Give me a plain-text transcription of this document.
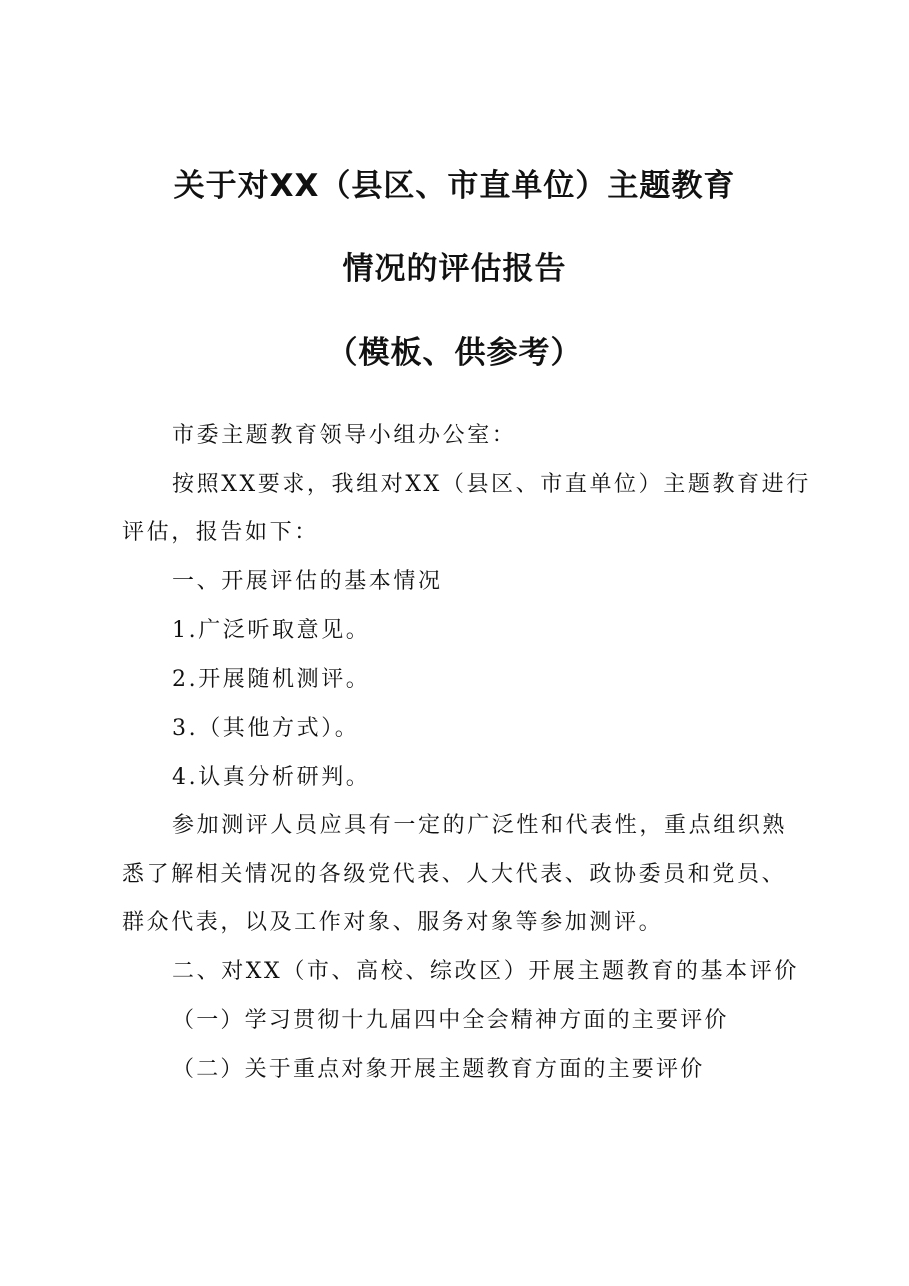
关于对XX（县区、市直单位）主题教育
情况的评估报告
（模板、供参考）
市委主题教育领导小组办公室：
按照XX要求，我组对XX（县区、市直单位）主题教育进行
评估，报告如下：
一、开展评估的基本情况
1.广泛听取意见。
2.开展随机测评。
3.（其他方式）。
4.认真分析研判。
参加测评人员应具有一定的广泛性和代表性，重点组织熟
悉了解相关情况的各级党代表、人大代表、政协委员和党员、
群众代表，以及工作对象、服务对象等参加测评。
二、对XX（市、高校、综改区）开展主题教育的基本评价
（一）学习贯彻十九届四中全会精神方面的主要评价
（二）关于重点对象开展主题教育方面的主要评价
